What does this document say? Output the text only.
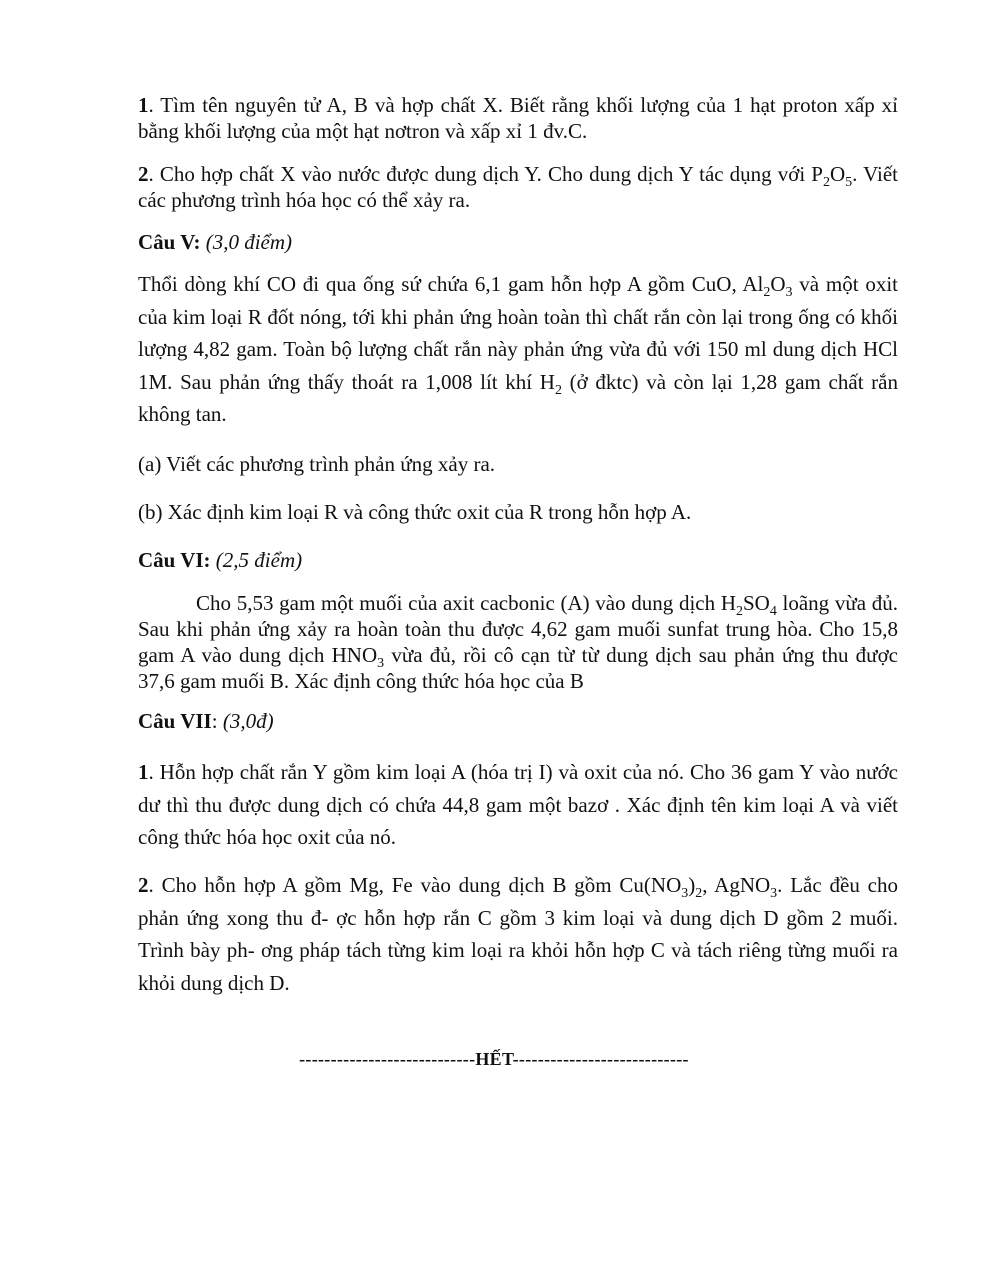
1. Tìm tên nguyên tử A, B và hợp chất X. Biết rằng khối lượng của 1 hạt proton xấp xỉ bằng khối lượng của một hạt nơtron và xấp xỉ 1 đv.C.

2. Cho hợp chất X vào nước được dung dịch Y. Cho dung dịch Y tác dụng với $P_2O_5$. Viết các phương trình hóa học có thể xảy ra.

Câu V: (3,0 điểm)

Thổi dòng khí CO đi qua ống sứ chứa 6,1 gam hỗn hợp A gồm CuO, $Al_2O_3$ và một oxit của kim loại R đốt nóng, tới khi phản ứng hoàn toàn thì chất rắn còn lại trong ống có khối lượng 4,82 gam. Toàn bộ lượng chất rắn này phản ứng vừa đủ với 150 ml dung dịch HCl 1M. Sau phản ứng thấy thoát ra 1,008 lít khí $H_2$ (ở đktc) và còn lại 1,28 gam chất rắn không tan.

(a) Viết các phương trình phản ứng xảy ra.

(b) Xác định kim loại R và công thức oxit của R trong hỗn hợp A.

Câu VI: (2,5 điểm)

Cho 5,53 gam một muối của axit cacbonic (A) vào dung dịch $H_2SO_4$ loãng vừa đủ. Sau khi phản ứng xảy ra hoàn toàn thu được 4,62 gam muối sunfat trung hòa. Cho 15,8 gam A vào dung dịch $HNO_3$ vừa đủ, rồi cô cạn từ từ dung dịch sau phản ứng thu được 37,6 gam muối B. Xác định công thức hóa học của B

Câu VII: (3,0đ)

1. Hỗn hợp chất rắn Y gồm kim loại A (hóa trị I) và oxit của nó. Cho 36 gam Y vào nước dư thì thu được dung dịch có chứa 44,8 gam một bazơ . Xác định tên kim loại A và viết công thức hóa học oxit của nó.

2. Cho hỗn hợp A gồm Mg, Fe vào dung dịch B gồm $Cu(NO_3)_2$, AgNO$_3$. Lắc đều cho phản ứng xong thu đ- ợc hỗn hợp rắn C gồm 3 kim loại và dung dịch D gồm 2 muối. Trình bày ph- ơng pháp tách từng kim loại ra khỏi hỗn hợp C và tách riêng từng muối ra khỏi dung dịch D.

----------------------------HẾT----------------------------
